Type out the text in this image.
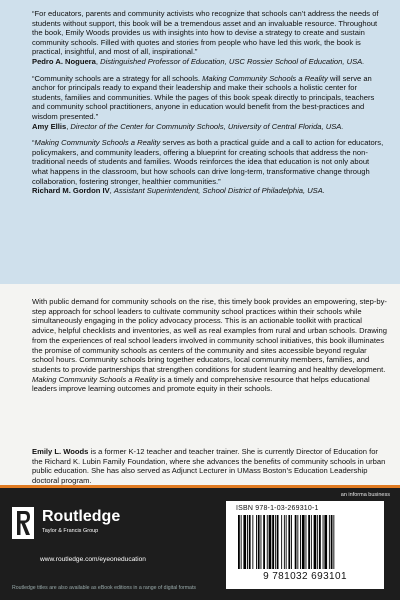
“For educators, parents and community activists who recognize that schools can’t address the needs of students without support, this book will be a tremendous asset and an invaluable resource. Throughout the book, Emily Woods provides us with insights into how to devise a strategy to create and sustain community schools. Filled with quotes and stories from people who have led this work, the book is practical, insightful, and most of all, inspirational.”

Pedro A. Noguera, Distinguished Professor of Education, USC Rossier School of Education, USA.

“Community schools are a strategy for all schools. Making Community Schools a Reality will serve an anchor for principals ready to expand their leadership and make their schools a holistic center for students, families and communities. While the pages of this book speak directly to principals, teachers and community school practitioners, anyone in education would benefit from the best-practices and wisdom presented.”

Amy Ellis, Director of the Center for Community Schools, University of Central Florida, USA.

“Making Community Schools a Reality serves as both a practical guide and a call to action for educators, policymakers, and community leaders, offering a blueprint for creating schools that address the non-traditional needs of students and families. Woods reinforces the idea that education is not only about what happens in the classroom, but how schools can drive long-term, transformative change through collaboration, fostering stronger, healthier communities.”

Richard M. Gordon IV, Assistant Superintendent, School District of Philadelphia, USA.

With public demand for community schools on the rise, this timely book provides an empowering, step-by-step approach for school leaders to cultivate community school practices within their schools while simultaneously engaging in the policy advocacy process. This is an actionable toolkit with practical advice, helpful checklists and inventories, as well as real examples from rural and urban schools. Drawing from the experiences of real school leaders involved in community school initiatives, this book illuminates the promise of community schools as centers of the community and sites accessible beyond regular school hours. Community schools bring together educators, local community members, families, and students to provide partnerships that strengthen conditions for student learning and healthy development. Making Community Schools a Reality is a timely and comprehensive resource that helps educational leaders improve learning outcomes and promote equity in their schools.

Emily L. Woods is a former K-12 teacher and teacher trainer. She is currently Director of Education for the Richard K. Lubin Family Foundation, where she advances the benefits of community schools in urban public education. She has also served as Adjunct Lecturer in UMass Boston’s Education Leadership doctoral program.

an informa business
Routledge
Taylor & Francis Group
www.routledge.com/eyeoneducation
Routledge titles are also available as eBook editions in a range of digital formats
ISBN 978-1-03-269310-1
9 781032 693101
